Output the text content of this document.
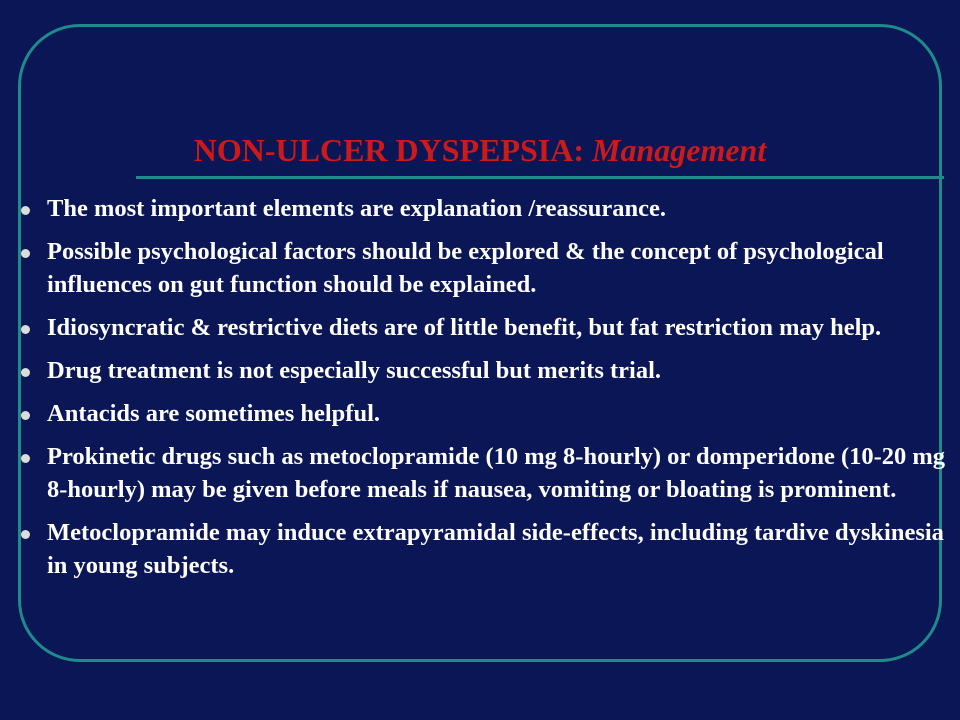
NON-ULCER DYSPEPSIA: Management
The most important elements are explanation /reassurance.
Possible psychological factors should be explored & the concept of psychological influences on gut function should be explained.
Idiosyncratic & restrictive diets are of little benefit, but fat restriction may help.
Drug treatment is not especially successful but merits trial.
Antacids are sometimes helpful.
Prokinetic drugs such as metoclopramide (10 mg 8-hourly) or domperidone (10-20 mg 8-hourly) may be given before meals if nausea, vomiting or bloating is prominent.
Metoclopramide may induce extrapyramidal side-effects, including tardive dyskinesia in young subjects.
